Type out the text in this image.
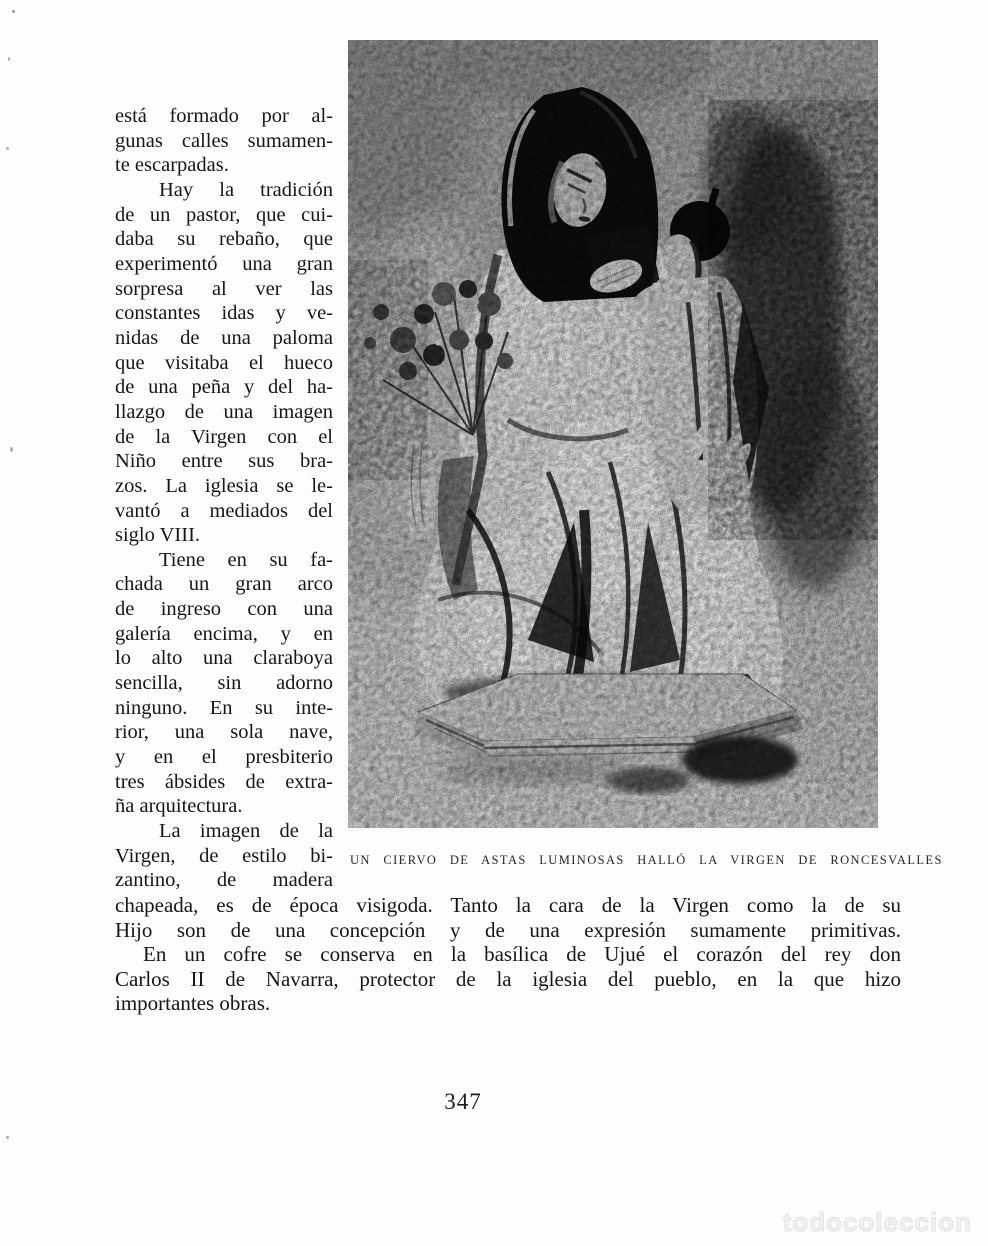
está formado por al-
gunas calles sumamen-
te escarpadas.
Hay la tradición
de un pastor, que cui-
daba su rebaño, que
experimentó una gran
sorpresa al ver las
constantes idas y ve-
nidas de una paloma
que visitaba el hueco
de una peña y del ha-
llazgo de una imagen
de la Virgen con el
Niño entre sus bra-
zos. La iglesia se le-
vantó a mediados del
siglo VIII.
Tiene en su fa-
chada un gran arco
de ingreso con una
galería encima, y en
lo alto una claraboya
sencilla, sin adorno
ninguno. En su inte-
rior, una sola nave,
y en el presbiterio
tres ábsides de extra-
ña arquitectura.
La imagen de la
Virgen, de estilo bi-
zantino, de madera
UN CIERVO DE ASTAS LUMINOSAS HALLÓ LA VIRGEN DE RONCESVALLES
chapeada, es de época visigoda. Tanto la cara de la Virgen como la de su
Hijo son de una concepción y de una expresión sumamente primitivas.
En un cofre se conserva en la basílica de Ujué el corazón del rey don
Carlos II de Navarra, protector de la iglesia del pueblo, en la que hizo
importantes obras.
347
todocoleccion
